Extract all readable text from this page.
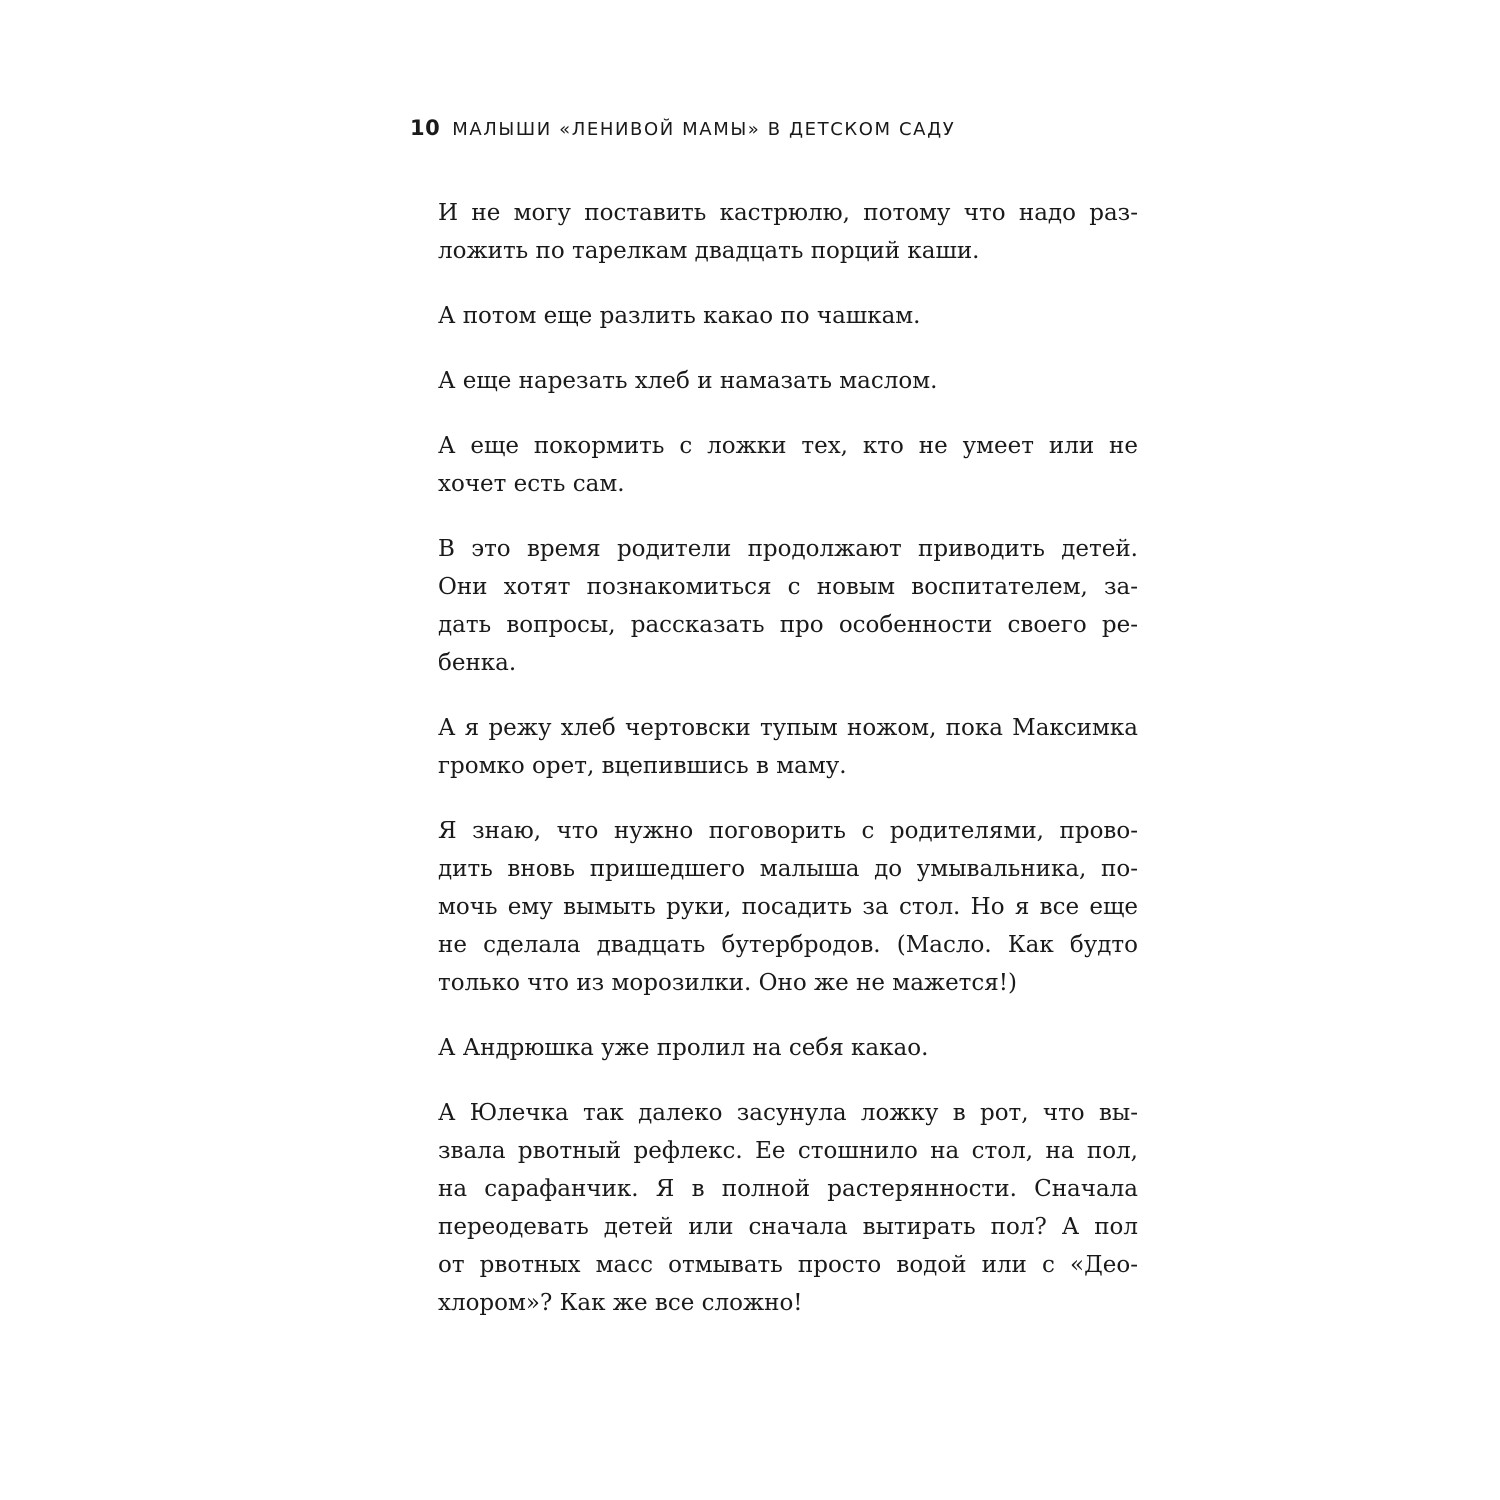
10 МАЛЫШИ «ЛЕНИВОЙ МАМЫ» В ДЕТСКОМ САДУ

И не могу поставить кастрюлю, потому что надо раз-
ложить по тарелкам двадцать порций каши.

А потом еще разлить какао по чашкам.

А еще нарезать хлеб и намазать маслом.

А еще покормить с ложки тех, кто не умеет или не
хочет есть сам.

В это время родители продолжают приводить детей.
Они хотят познакомиться с новым воспитателем, за-
дать вопросы, рассказать про особенности своего ре-
бенка.

А я режу хлеб чертовски тупым ножом, пока Максимка
громко орет, вцепившись в маму.

Я знаю, что нужно поговорить с родителями, прово-
дить вновь пришедшего малыша до умывальника, по-
мочь ему вымыть руки, посадить за стол. Но я все еще
не сделала двадцать бутербродов. (Масло. Как будто
только что из морозилки. Оно же не мажется!)

А Андрюшка уже пролил на себя какао.

А Юлечка так далеко засунула ложку в рот, что вы-
звала рвотный рефлекс. Ее стошнило на стол, на пол,
на сарафанчик. Я в полной растерянности. Сначала
переодевать детей или сначала вытирать пол? А пол
от рвотных масс отмывать просто водой или с «Део-
хлором»? Как же все сложно!
